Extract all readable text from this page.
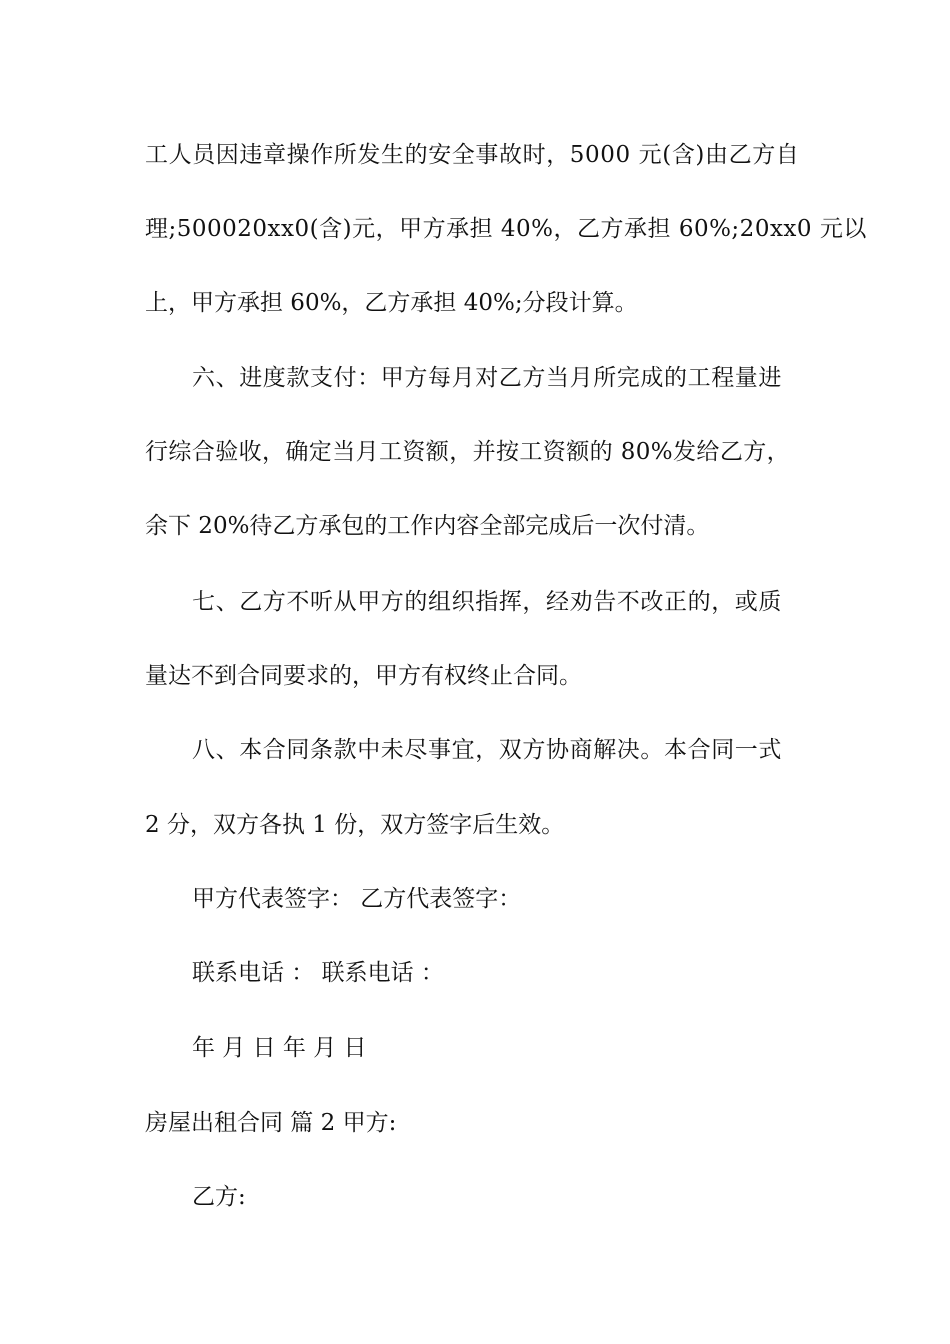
工人员因违章操作所发生的安全事故时，5000 元(含)由乙方自

理;500020xx0(含)元，甲方承担 40%，乙方承担 60%;20xx0 元以

上，甲方承担 60%，乙方承担 40%;分段计算。

六、进度款支付：甲方每月对乙方当月所完成的工程量进

行综合验收，确定当月工资额，并按工资额的 80%发给乙方，

余下 20%待乙方承包的工作内容全部完成后一次付清。

七、乙方不听从甲方的组织指挥，经劝告不改正的，或质

量达不到合同要求的，甲方有权终止合同。

八、本合同条款中未尽事宜，双方协商解决。本合同一式

2 分，双方各执 1 份，双方签字后生效。

甲方代表签字： 乙方代表签字：

联系电话 ： 联系电话 ：

年 月 日 年 月 日

房屋出租合同 篇 2 甲方:

乙方:
